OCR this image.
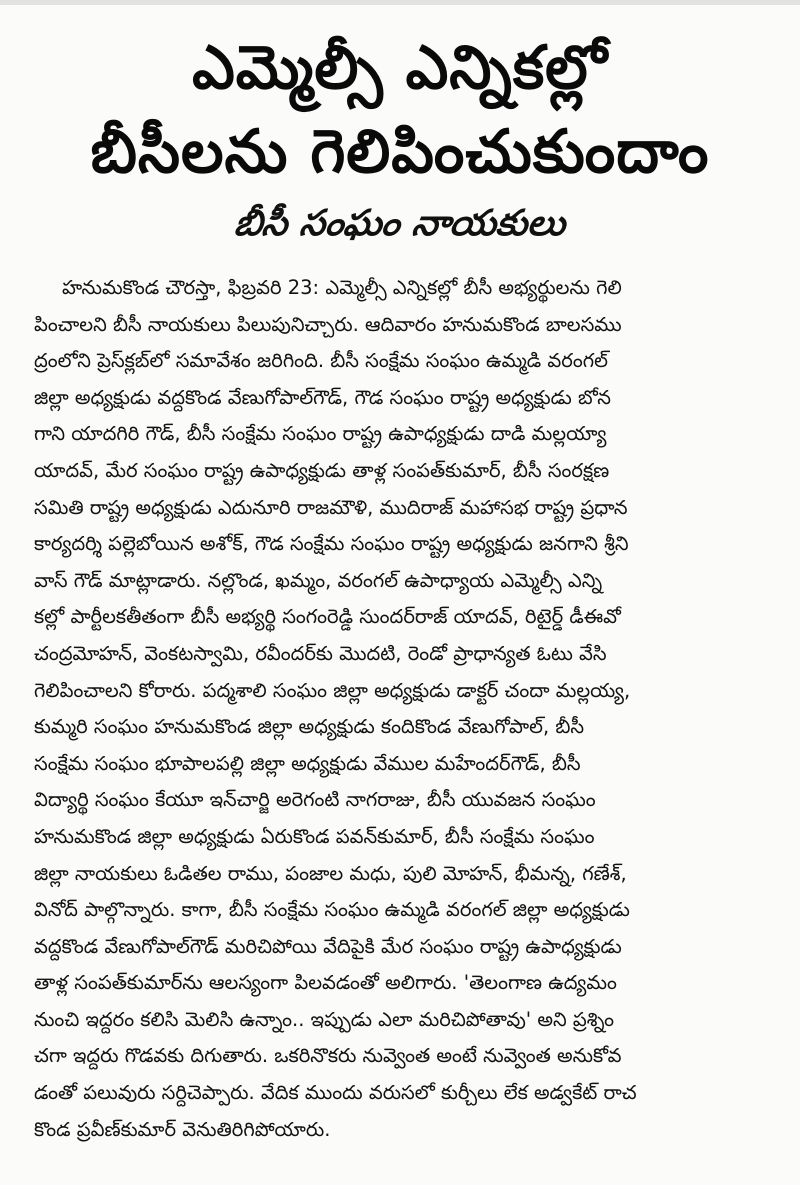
ఎమ్మెల్సీ ఎన్నికల్లో
బీసీలను గెలిపించుకుందాం
బీసీ సంఘం నాయకులు
హనుమకొండ చౌరస్తా, ఫిబ్రవరి 23: ఎమ్మెల్సీ ఎన్నికల్లో బీసీ అభ్యర్థులను గెలి
పించాలని బీసీ నాయకులు పిలుపునిచ్చారు. ఆదివారం హనుమకొండ బాలసము
ద్రంలోని ప్రెస్‌క్లబ్‌లో సమావేశం జరిగింది. బీసీ సంక్షేమ సంఘం ఉమ్మడి వరంగల్
జిల్లా అధ్యక్షుడు వద్దకొండ వేణుగోపాల్‌గౌడ్, గౌడ సంఘం రాష్ట్ర అధ్యక్షుడు బోన
గాని యాదగిరి గౌడ్, బీసీ సంక్షేమ సంఘం రాష్ట్ర ఉపాధ్యక్షుడు దాడి మల్లయ్యా
యాదవ్, మేర సంఘం రాష్ట్ర ఉపాధ్యక్షుడు తాళ్ల సంపత్‌కుమార్, బీసీ సంరక్షణ
సమితి రాష్ట్ర అధ్యక్షుడు ఎదునూరి రాజమౌళి, ముదిరాజ్ మహాసభ రాష్ట్ర ప్రధాన
కార్యదర్శి పల్లెబోయిన అశోక్, గౌడ సంక్షేమ సంఘం రాష్ట్ర అధ్యక్షుడు జనగాని శ్రీని
వాస్ గౌడ్ మాట్లాడారు. నల్లొండ, ఖమ్మం, వరంగల్ ఉపాధ్యాయ ఎమ్మెల్సీ ఎన్ని
కల్లో పార్టీలకతీతంగా బీసీ అభ్యర్థి సంగంరెడ్డి సుందర్‌రాజ్ యాదవ్, రిటైర్డ్ డీఈవో
చంద్రమోహన్, వెంకటస్వామి, రవీందర్‌కు మొదటి, రెండో ప్రాధాన్యత ఓటు వేసి
గెలిపించాలని కోరారు. పద్మశాలి సంఘం జిల్లా అధ్యక్షుడు డాక్టర్ చందా మల్లయ్య,
కుమ్మరి సంఘం హనుమకొండ జిల్లా అధ్యక్షుడు కందికొండ వేణుగోపాల్, బీసీ
సంక్షేమ సంఘం భూపాలపల్లి జిల్లా అధ్యక్షుడు వేముల మహేందర్‌గౌడ్, బీసీ
విద్యార్థి సంఘం కేయూ ఇన్‌చార్జి అరెగంటి నాగరాజు, బీసీ యువజన సంఘం
హనుమకొండ జిల్లా అధ్యక్షుడు ఏరుకొండ పవన్‌కుమార్, బీసీ సంక్షేమ సంఘం
జిల్లా నాయకులు ఓడితల రాము, పంజాల మధు, పులి మోహన్, భీమన్న, గణేశ్,
వినోద్ పాల్గొన్నారు. కాగా, బీసీ సంక్షేమ సంఘం ఉమ్మడి వరంగల్ జిల్లా అధ్యక్షుడు
వద్దకొండ వేణుగోపాల్‌గౌడ్ మరిచిపోయి వేదిపైకి మేర సంఘం రాష్ట్ర ఉపాధ్యక్షుడు
తాళ్ల సంపత్‌కుమార్‌ను ఆలస్యంగా పిలవడంతో అలిగారు. 'తెలంగాణ ఉద్యమం
నుంచి ఇద్దరం కలిసి మెలిసి ఉన్నాం.. ఇప్పుడు ఎలా మరిచిపోతావు' అని ప్రశ్నిం
చగా ఇద్దరు గొడవకు దిగుతారు. ఒకరినొకరు నువ్వెంత అంటే నువ్వెంత అనుకోవ
డంతో పలువురు సర్దిచెప్పారు. వేదిక ముందు వరుసలో కుర్చీలు లేక అడ్వకేట్ రాచ
కొండ ప్రవీణ్‌కుమార్ వెనుతిరిగిపోయారు.
